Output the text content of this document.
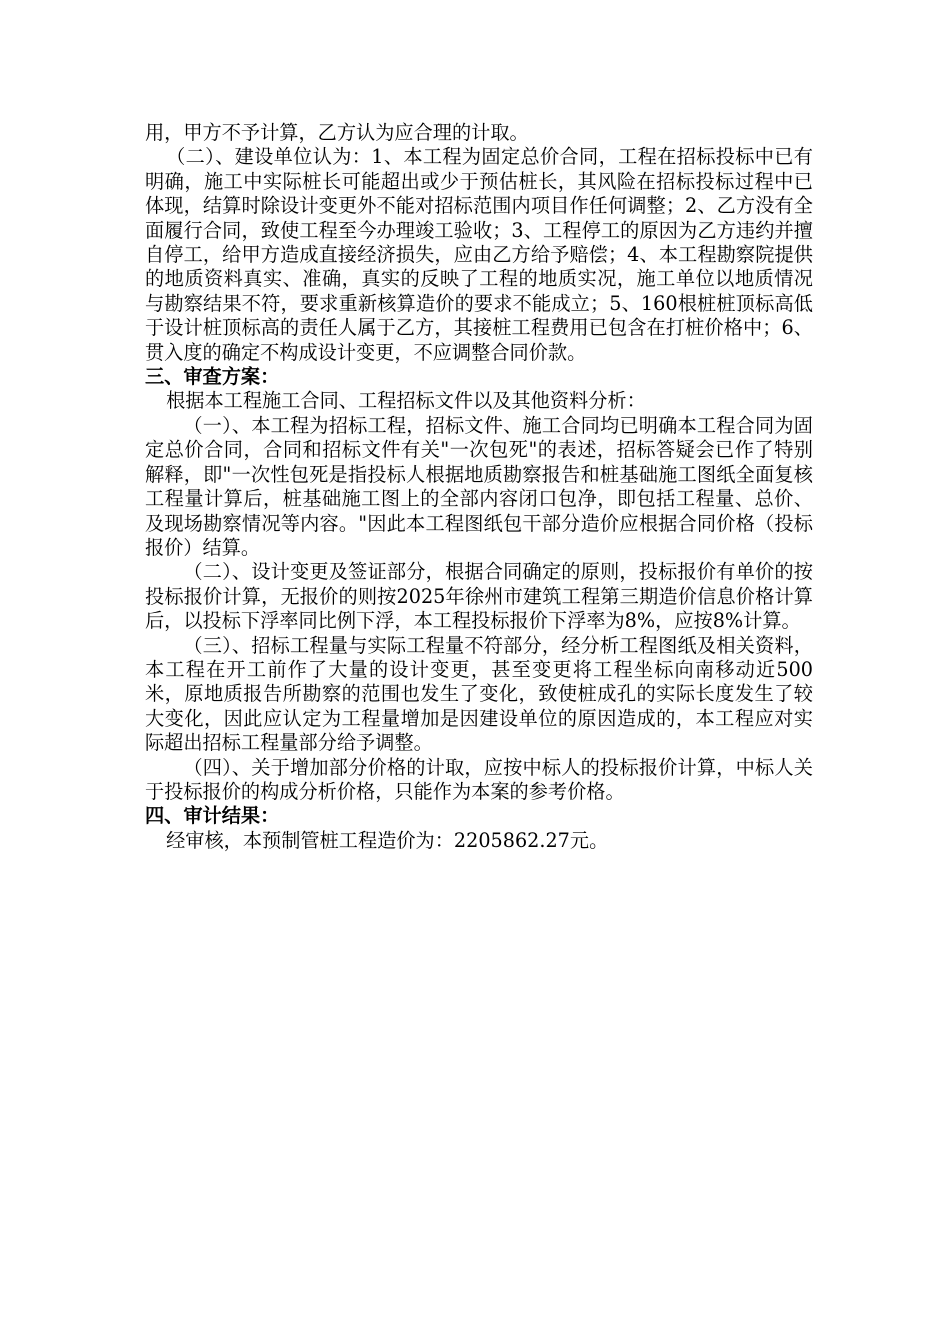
用，甲方不予计算，乙方认为应合理的计取。

（二）、建设单位认为：1、本工程为固定总价合同，工程在招标投标中已有明确，施工中实际桩长可能超出或少于预估桩长，其风险在招标投标过程中已体现，结算时除设计变更外不能对招标范围内项目作任何调整；2、乙方没有全面履行合同，致使工程至今办理竣工验收；3、工程停工的原因为乙方违约并擅自停工，给甲方造成直接经济损失，应由乙方给予赔偿；4、本工程勘察院提供的地质资料真实、准确，真实的反映了工程的地质实况，施工单位以地质情况与勘察结果不符，要求重新核算造价的要求不能成立；5、160根桩桩顶标高低于设计桩顶标高的责任人属于乙方，其接桩工程费用已包含在打桩价格中；6、贯入度的确定不构成设计变更，不应调整合同价款。

三、审查方案：

根据本工程施工合同、工程招标文件以及其他资料分析：

（一）、本工程为招标工程，招标文件、施工合同均已明确本工程合同为固定总价合同，合同和招标文件有关"一次包死"的表述，招标答疑会已作了特别解释，即"一次性包死是指投标人根据地质勘察报告和桩基础施工图纸全面复核工程量计算后，桩基础施工图上的全部内容闭口包净，即包括工程量、总价、及现场勘察情况等内容。"因此本工程图纸包干部分造价应根据合同价格（投标报价）结算。

（二）、设计变更及签证部分，根据合同确定的原则，投标报价有单价的按投标报价计算，无报价的则按2025年徐州市建筑工程第三期造价信息价格计算后，以投标下浮率同比例下浮，本工程投标报价下浮率为8%，应按8%计算。

（三）、招标工程量与实际工程量不符部分，经分析工程图纸及相关资料，本工程在开工前作了大量的设计变更，甚至变更将工程坐标向南移动近500米，原地质报告所勘察的范围也发生了变化，致使桩成孔的实际长度发生了较大变化，因此应认定为工程量增加是因建设单位的原因造成的，本工程应对实际超出招标工程量部分给予调整。

（四）、关于增加部分价格的计取，应按中标人的投标报价计算，中标人关于投标报价的构成分析价格，只能作为本案的参考价格。

四、审计结果：

经审核，本预制管桩工程造价为：2205862.27元。
